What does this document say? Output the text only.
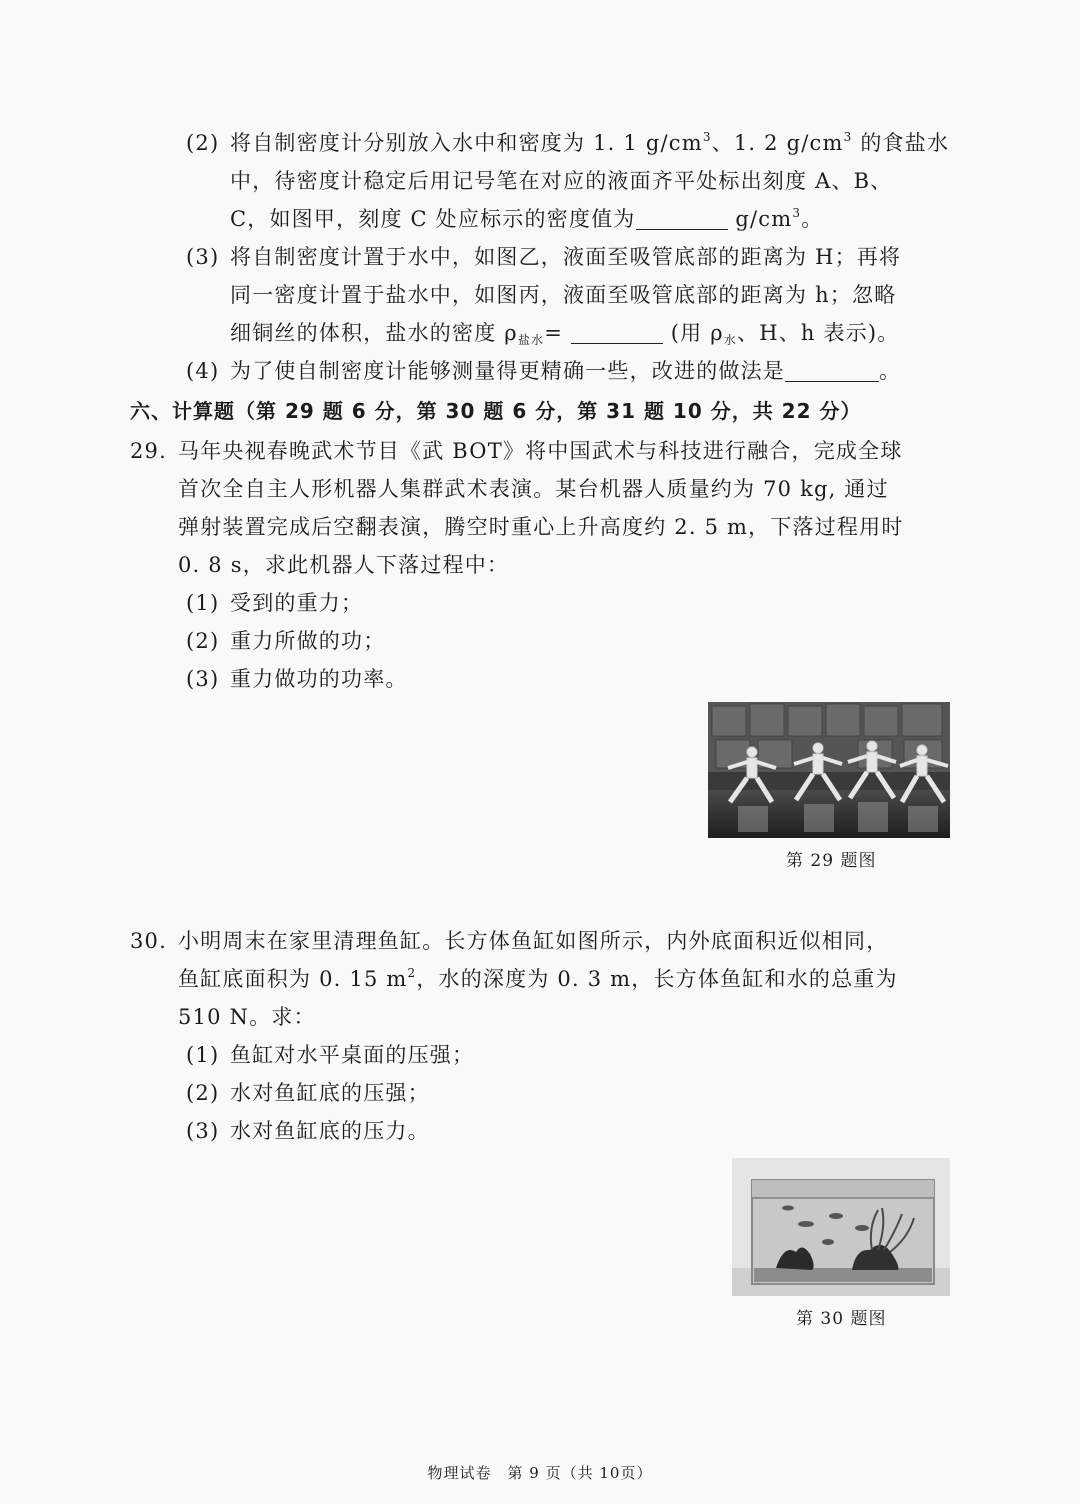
(2) 将自制密度计分别放入水中和密度为 1. 1 $g/cm^3$、1. 2 $g/cm^3$ 的食盐水
中，待密度计稳定后用记号笔在对应的液面齐平处标出刻度 A、B、
C，如图甲，刻度 C 处应标示的密度值为	$g/cm^3$。
(3) 将自制密度计置于水中，如图乙，液面至吸管底部的距离为 H；再将
同一密度计置于盐水中，如图丙，液面至吸管底部的距离为 h；忽略
细铜丝的体积，盐水的密度 $\rho_{盐水}=$	(用 $\rho_水$、H、h 表示)。
(4) 为了使自制密度计能够测量得更精确一些，改进的做法是	。
六、计算题（第 29 题 6 分，第 30 题 6 分，第 31 题 10 分，共 22 分）
29. 马年央视春晚武术节目《武 BOT》将中国武术与科技进行融合，完成全球
首次全自主人形机器人集群武术表演。某台机器人质量约为 70 kg, 通过
弹射装置完成后空翻表演，腾空时重心上升高度约 2. 5 m，下落过程用时
0. 8 s，求此机器人下落过程中：
(1) 受到的重力；
(2) 重力所做的功；
(3) 重力做功的功率。
第 29 题图
30. 小明周末在家里清理鱼缸。长方体鱼缸如图所示，内外底面积近似相同，
鱼缸底面积为 0. 15 $m^2$，水的深度为 0. 3 m，长方体鱼缸和水的总重为
510 N。求：
(1) 鱼缸对水平桌面的压强；
(2) 水对鱼缸底的压强；
(3) 水对鱼缸底的压力。
第 30 题图
物理试卷　第 9 页（共 10页）
